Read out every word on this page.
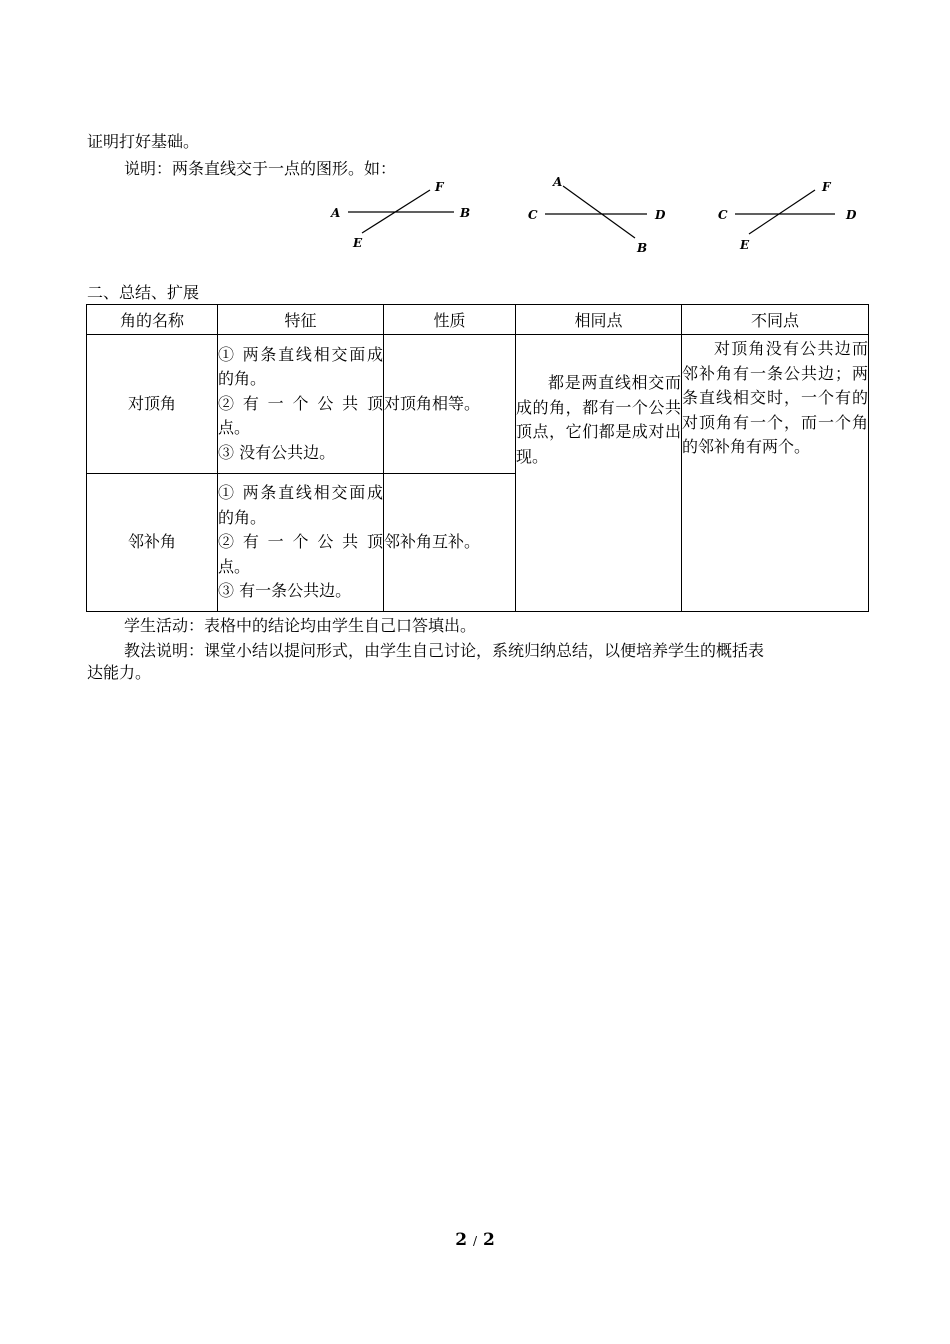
证明打好基础。
说明：两条直线交于一点的图形。如：
A	B
F
E
C	D
A
B
C	D
F
E
二、总结、扩展
角的名称	特征	性质	相同点	不同点
对顶角	① 两条直线相交面成的角。
② 有 一 个 公 共 顶点。
③ 没有公共边。	对顶角相等。	都是两直线相交而成的角，都有一个公共顶点，它们都是成对出现。	对顶角没有公共边而邻补角有一条公共边；两条直线相交时，一个有的对顶角有一个，而一个角的邻补角有两个。

邻补角	① 两条直线相交面成的角。
② 有 一 个 公 共 顶点。
③ 有一条公共边。	邻补角互补。		
学生活动：表格中的结论均由学生自己口答填出。
教法说明：课堂小结以提问形式，由学生自己讨论，系统归纳总结，以便培养学生的概括表
达能力。
2 / 2
